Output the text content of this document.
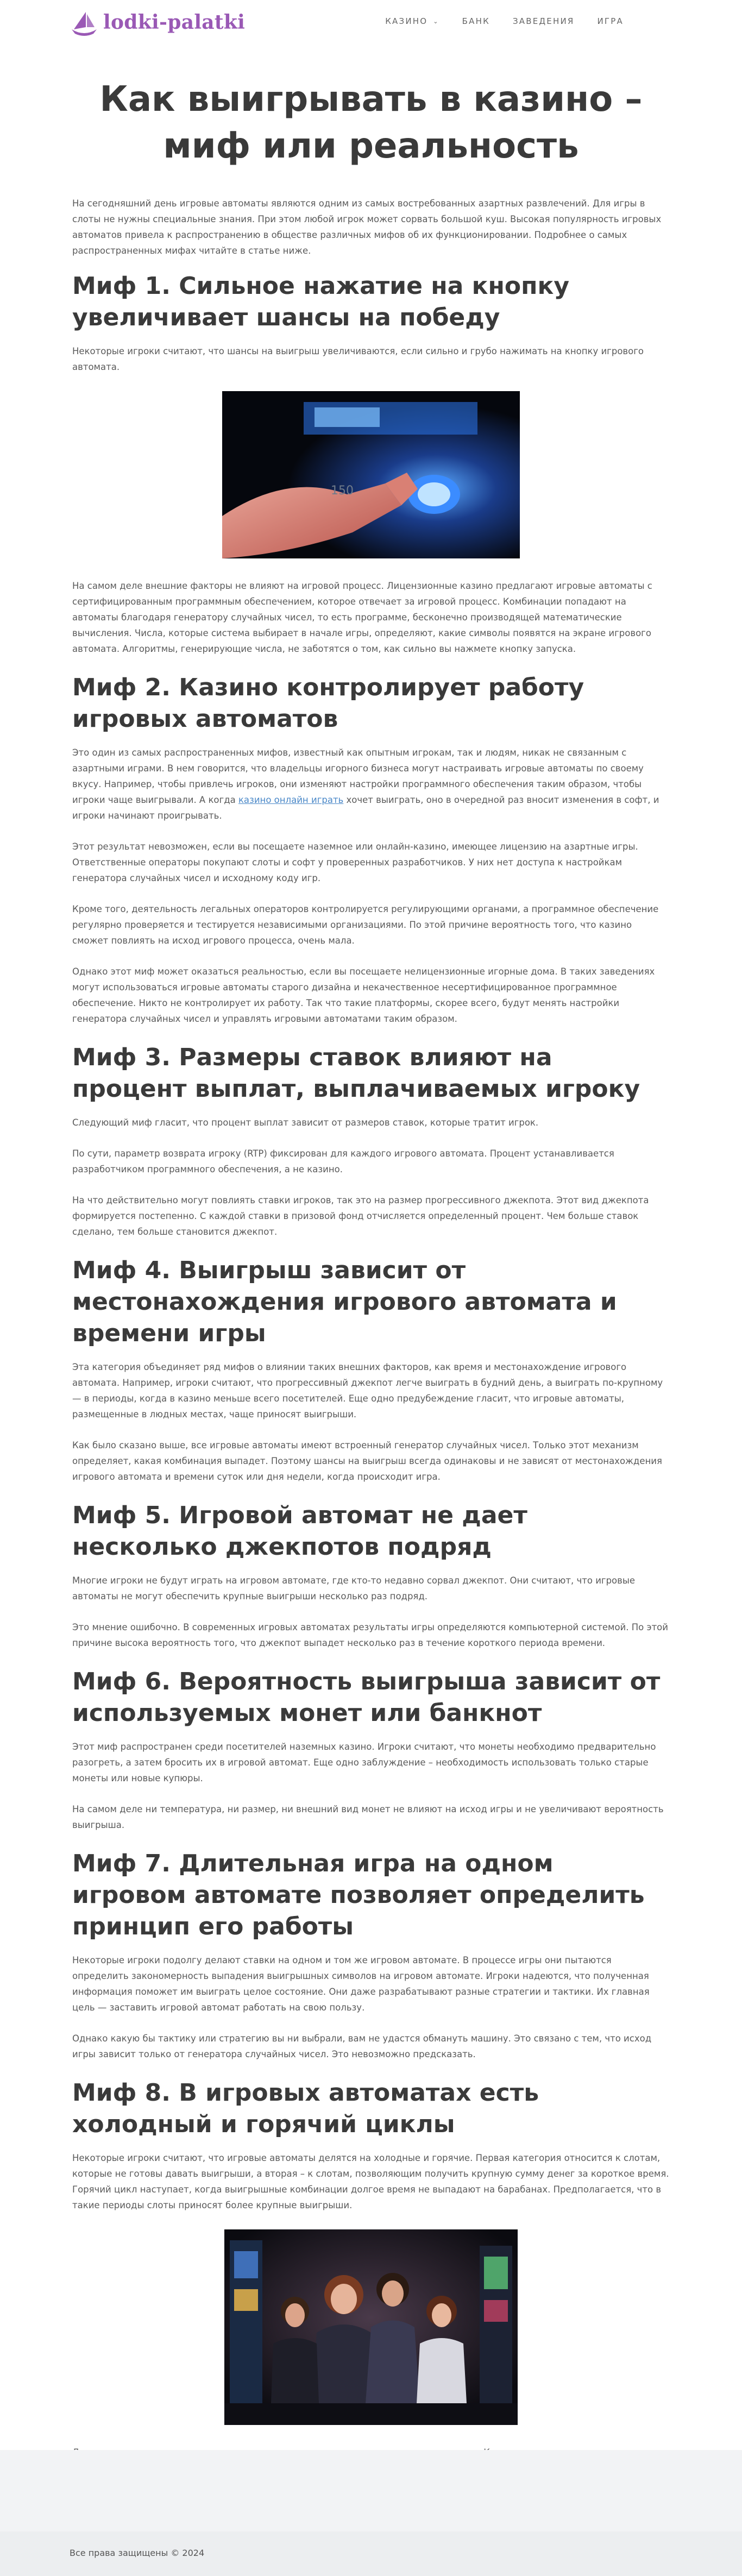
lodki-palatki	КАЗИНО ⌄	БАНК	ЗАВЕДЕНИЯ	ИГРА
Как выигрывать в казино – миф или реальность

На сегодняшний день игровые автоматы являются одним из самых востребованных азартных развлечений. Для игры в слоты не нужны специальные знания. При этом любой игрок может сорвать большой куш. Высокая популярность игровых автоматов привела к распространению в обществе различных мифов об их функционировании. Подробнее о самых распространенных мифах читайте в статье ниже.

Миф 1. Сильное нажатие на кнопку увеличивает шансы на победу

Некоторые игроки считают, что шансы на выигрыш увеличиваются, если сильно и грубо нажимать на кнопку игрового автомата.

150

На самом деле внешние факторы не влияют на игровой процесс. Лицензионные казино предлагают игровые автоматы с сертифицированным программным обеспечением, которое отвечает за игровой процесс. Комбинации попадают на автоматы благодаря генератору случайных чисел, то есть программе, бесконечно производящей математические вычисления. Числа, которые система выбирает в начале игры, определяют, какие символы появятся на экране игрового автомата. Алгоритмы, генерирующие числа, не заботятся о том, как сильно вы нажмете кнопку запуска.

Миф 2. Казино контролирует работу игровых автоматов

Это один из самых распространенных мифов, известный как опытным игрокам, так и людям, никак не связанным с азартными играми. В нем говорится, что владельцы игорного бизнеса могут настраивать игровые автоматы по своему вкусу. Например, чтобы привлечь игроков, они изменяют настройки программного обеспечения таким образом, чтобы игроки чаще выигрывали. А когда казино онлайн играть хочет выиграть, оно в очередной раз вносит изменения в софт, и игроки начинают проигрывать.

Этот результат невозможен, если вы посещаете наземное или онлайн-казино, имеющее лицензию на азартные игры. Ответственные операторы покупают слоты и софт у проверенных разработчиков. У них нет доступа к настройкам генератора случайных чисел и исходному коду игр.

Кроме того, деятельность легальных операторов контролируется регулирующими органами, а программное обеспечение регулярно проверяется и тестируется независимыми организациями. По этой причине вероятность того, что казино сможет повлиять на исход игрового процесса, очень мала.

Однако этот миф может оказаться реальностью, если вы посещаете нелицензионные игорные дома. В таких заведениях могут использоваться игровые автоматы старого дизайна и некачественное несертифицированное программное обеспечение. Никто не контролирует их работу. Так что такие платформы, скорее всего, будут менять настройки генератора случайных чисел и управлять игровыми автоматами таким образом.

Миф 3. Размеры ставок влияют на процент выплат, выплачиваемых игроку

Следующий миф гласит, что процент выплат зависит от размеров ставок, которые тратит игрок.

По сути, параметр возврата игроку (RTP) фиксирован для каждого игрового автомата. Процент устанавливается разработчиком программного обеспечения, а не казино.

На что действительно могут повлиять ставки игроков, так это на размер прогрессивного джекпота. Этот вид джекпота формируется постепенно. С каждой ставки в призовой фонд отчисляется определенный процент. Чем больше ставок сделано, тем больше становится джекпот.

Миф 4. Выигрыш зависит от местонахождения игрового автомата и времени игры

Эта категория объединяет ряд мифов о влиянии таких внешних факторов, как время и местонахождение игрового автомата. Например, игроки считают, что прогрессивный джекпот легче выиграть в будний день, а выиграть по-крупному — в периоды, когда в казино меньше всего посетителей. Еще одно предубеждение гласит, что игровые автоматы, размещенные в людных местах, чаще приносят выигрыши.

Как было сказано выше, все игровые автоматы имеют встроенный генератор случайных чисел. Только этот механизм определяет, какая комбинация выпадет. Поэтому шансы на выигрыш всегда одинаковы и не зависят от местонахождения игрового автомата и времени суток или дня недели, когда происходит игра.

Миф 5. Игровой автомат не дает несколько джекпотов подряд

Многие игроки не будут играть на игровом автомате, где кто-то недавно сорвал джекпот. Они считают, что игровые автоматы не могут обеспечить крупные выигрыши несколько раз подряд.

Это мнение ошибочно. В современных игровых автоматах результаты игры определяются компьютерной системой. По этой причине высока вероятность того, что джекпот выпадет несколько раз в течение короткого периода времени.

Миф 6. Вероятность выигрыша зависит от используемых монет или банкнот

Этот миф распространен среди посетителей наземных казино. Игроки считают, что монеты необходимо предварительно разогреть, а затем бросить их в игровой автомат. Еще одно заблуждение – необходимость использовать только старые монеты или новые купюры.

На самом деле ни температура, ни размер, ни внешний вид монет не влияют на исход игры и не увеличивают вероятность выигрыша.

Миф 7. Длительная игра на одном игровом автомате позволяет определить принцип его работы

Некоторые игроки подолгу делают ставки на одном и том же игровом автомате. В процессе игры они пытаются определить закономерность выпадения выигрышных символов на игровом автомате. Игроки надеются, что полученная информация поможет им выиграть целое состояние. Они даже разрабатывают разные стратегии и тактики. Их главная цель — заставить игровой автомат работать на свою пользу.

Однако какую бы тактику или стратегию вы ни выбрали, вам не удастся обмануть машину. Это связано с тем, что исход игры зависит только от генератора случайных чисел. Это невозможно предсказать.

Миф 8. В игровых автоматах есть холодный и горячий циклы

Некоторые игроки считают, что игровые автоматы делятся на холодные и горячие. Первая категория относится к слотам, которые не готовы давать выигрыши, а вторая – к слотам, позволяющим получить крупную сумму денег за короткое время. Горячий цикл наступает, когда выигрышные комбинации долгое время не выпадают на барабанах. Предполагается, что в такие периоды слоты приносят более крупные выигрыши.

Все права защищены © 2024
